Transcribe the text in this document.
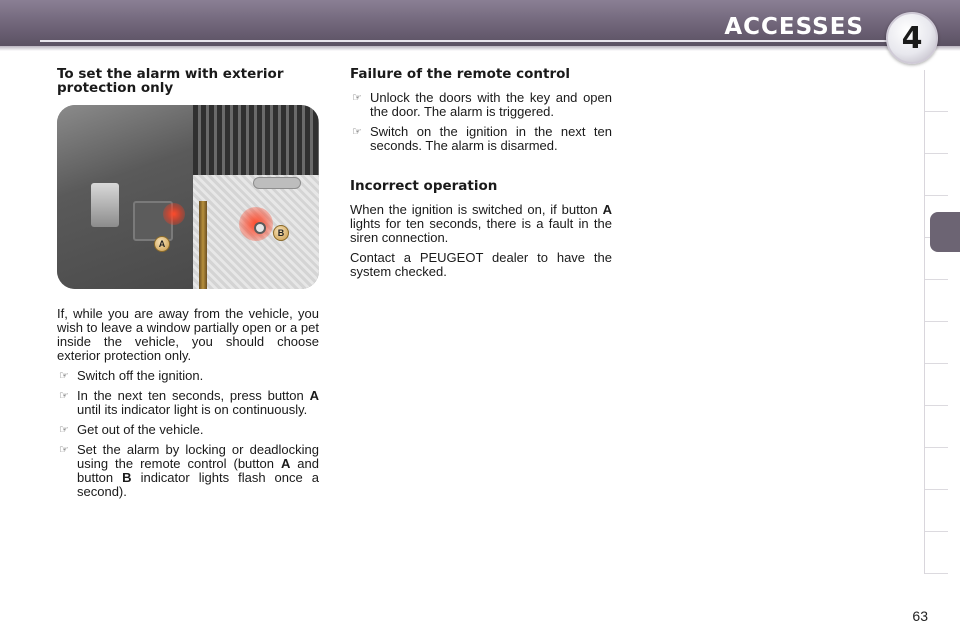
ACCESSES	4
To set the alarm with exterior protection only
A
B
If, while you are away from the vehicle, you wish to leave a window partially open or a pet inside the vehicle, you should choose exterior protection only.
☞ Switch off the ignition.
☞ In the next ten seconds, press button A until its indicator light is on continuously.
☞ Get out of the vehicle.
☞ Set the alarm by locking or deadlocking using the remote control (button A and button B indicator lights flash once a second).
Failure of the remote control
☞ Unlock the doors with the key and open the door. The alarm is triggered.
☞ Switch on the ignition in the next ten seconds. The alarm is disarmed.
Incorrect operation
When the ignition is switched on, if button A lights for ten seconds, there is a fault in the siren connection.
Contact a PEUGEOT dealer to have the system checked.
63
